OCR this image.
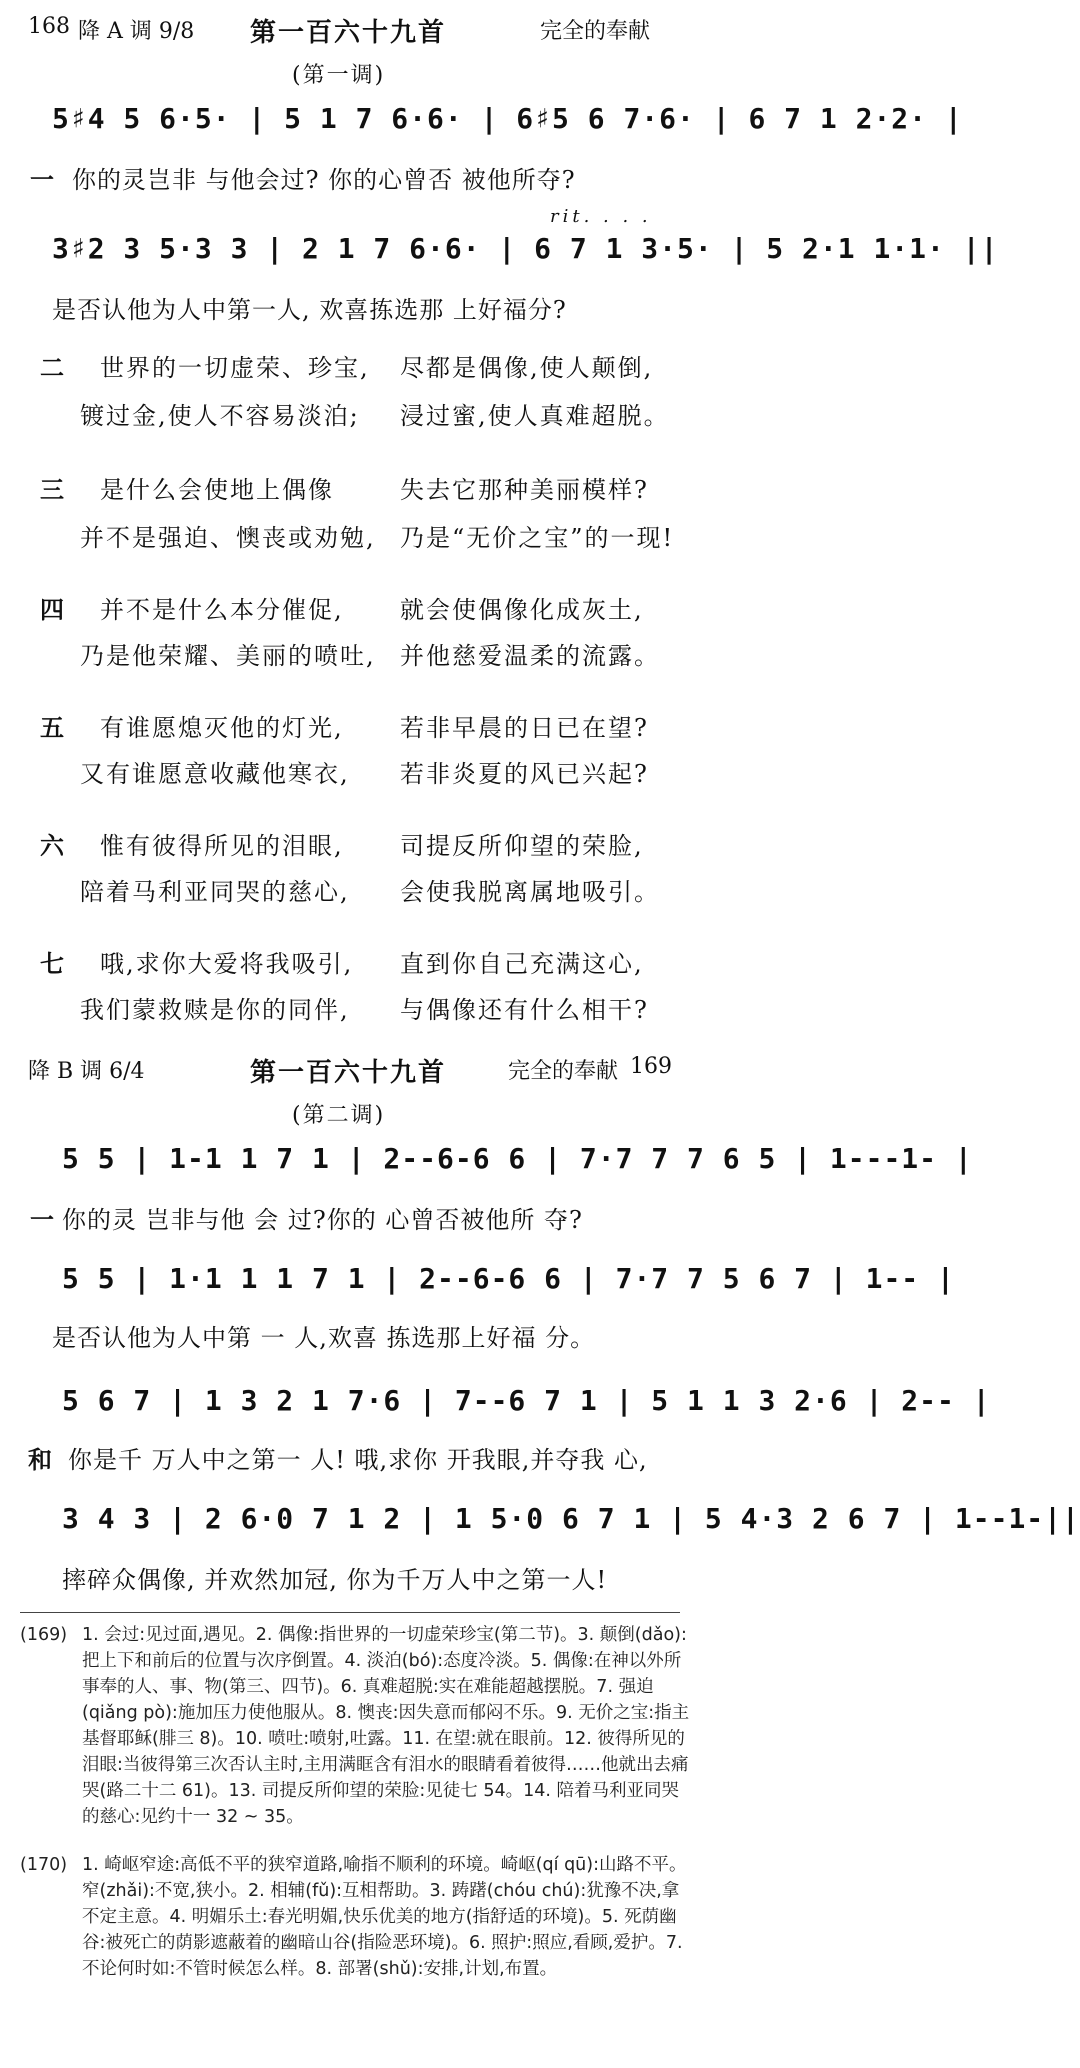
168 降 A 调 9/8 第一百六十九首	完全的奉献
(第一调)
5♯4 5 6·5· | 5 1 7 6·6· | 6♯5 6 7·6· | 6 7 1 2·2· |
一 你的灵岂非 与他会过? 你的心曾否 被他所夺?
rit. . . .
3♯2 3 5·3 3 | 2 1 7 6·6· | 6 7 1 3·5· | 5 2·1 1·1· ||
是否认他为人中第一人, 欢喜拣选那 上好福分?
二 世界的一切虚荣、珍宝, 尽都是偶像,使人颠倒,
镀过金,使人不容易淡泊; 浸过蜜,使人真难超脱。
三 是什么会使地上偶像	失去它那种美丽模样?
并不是强迫、懊丧或劝勉, 乃是“无价之宝”的一现!
四 并不是什么本分催促, 就会使偶像化成灰土,
乃是他荣耀、美丽的喷吐, 并他慈爱温柔的流露。
五 有谁愿熄灭他的灯光, 若非早晨的日已在望?
又有谁愿意收藏他寒衣, 若非炎夏的风已兴起?
六 惟有彼得所见的泪眼, 司提反所仰望的荣脸,
陪着马利亚同哭的慈心, 会使我脱离属地吸引。
七 哦,求你大爱将我吸引, 直到你自己充满这心,
我们蒙救赎是你的同伴, 与偶像还有什么相干?
降 B 调 6/4	第一百六十九首	完全的奉献 169
(第二调)
5 5 | 1-1 1 7 1 | 2--6-6 6 | 7·7 7 7 6 5 | 1---1- |
一 你的灵 岂非与他 会 过?你的 心曾否被他所 夺?
5 5 | 1·1 1 1 7 1 | 2--6-6 6 | 7·7 7 5 6 7 | 1-- |
是否认他为人中第 一 人,欢喜 拣选那上好福 分。
5 6 7 | 1 3 2 1 7·6 | 7--6 7 1 | 5 1 1 3 2·6 | 2-- |
和 你是千 万人中之第一 人! 哦,求你 开我眼,并夺我 心,
3 4 3 | 2 6·0 7 1 2 | 1 5·0 6 7 1 | 5 4·3 2 6 7 | 1--1-||
摔碎众偶像, 并欢然加冠, 你为千万人中之第一人!
(169) 1. 会过:见过面,遇见。2. 偶像:指世界的一切虚荣珍宝(第二节)。3. 颠倒(dǎo):把上下和前后的位置与次序倒置。4. 淡泊(bó):态度冷淡。5. 偶像:在神以外所事奉的人、事、物(第三、四节)。6. 真难超脱:实在难能超越摆脱。7. 强迫(qiǎng pò):施加压力使他服从。8. 懊丧:因失意而郁闷不乐。9. 无价之宝:指主基督耶稣(腓三 8)。10. 喷吐:喷射,吐露。11. 在望:就在眼前。12. 彼得所见的泪眼:当彼得第三次否认主时,主用满眶含有泪水的眼睛看着彼得……他就出去痛哭(路二十二 61)。13. 司提反所仰望的荣脸:见徒七 54。14. 陪着马利亚同哭的慈心:见约十一 32 ~ 35。
(170) 1. 崎岖窄途:高低不平的狭窄道路,喻指不顺利的环境。崎岖(qí qū):山路不平。窄(zhǎi):不宽,狭小。2. 相辅(fǔ):互相帮助。3. 踌躇(chóu chú):犹豫不决,拿不定主意。4. 明媚乐土:春光明媚,快乐优美的地方(指舒适的环境)。5. 死荫幽谷:被死亡的荫影遮蔽着的幽暗山谷(指险恶环境)。6. 照护:照应,看顾,爱护。7. 不论何时如:不管时候怎么样。8. 部署(shǔ):安排,计划,布置。
